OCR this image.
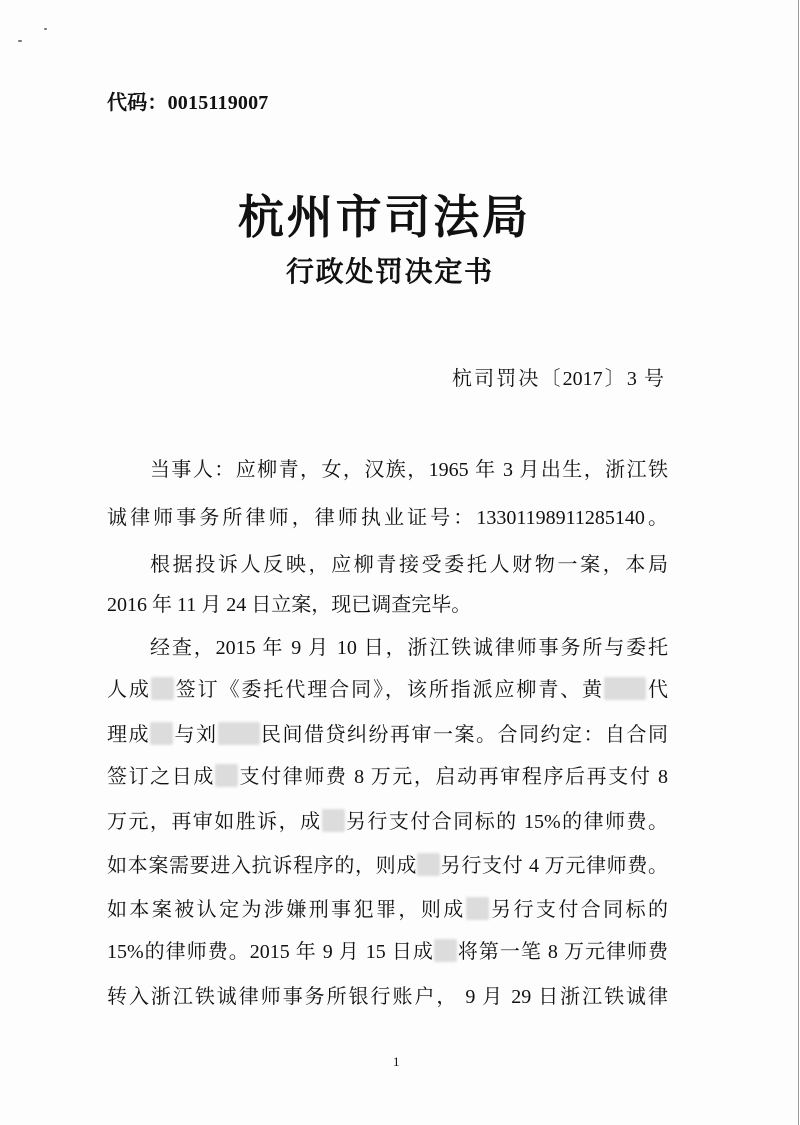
代码：0015119007
杭州市司法局
行政处罚决定书
杭司罚决〔2017〕3 号
当事人：应柳青，女，汉族，1965 年 3 月出生，浙江铁
诚律师事务所律师，律师执业证号：13301198911285140。
根据投诉人反映，应柳青接受委托人财物一案，本局
2016 年 11 月 24 日立案，现已调查完毕。
经查，2015 年 9 月 10 日，浙江铁诚律师事务所与委托
人成 签订《委托代理合同》，该所指派应柳青、黄 代
理成 与刘 民间借贷纠纷再审一案。合同约定：自合同
签订之日成 支付律师费 8 万元，启动再审程序后再支付 8
万元，再审如胜诉，成 另行支付合同标的 15%的律师费。
如本案需要进入抗诉程序的，则成 另行支付 4 万元律师费。
如本案被认定为涉嫌刑事犯罪，则成 另行支付合同标的
15%的律师费。2015 年 9 月 15 日成 将第一笔 8 万元律师费
转入浙江铁诚律师事务所银行账户， 9 月 29 日浙江铁诚律
1
